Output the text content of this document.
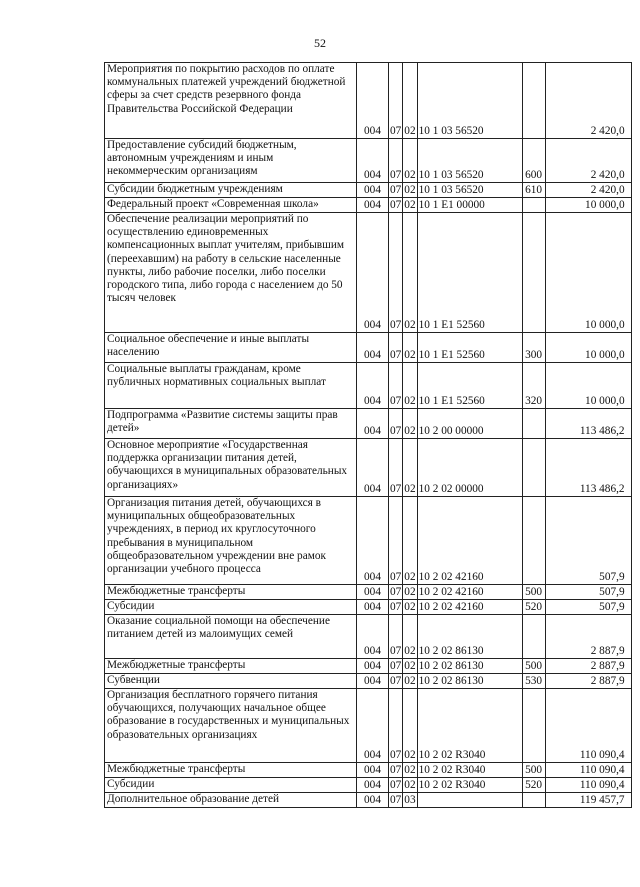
52
Мероприятия по покрытию расходов по оплате коммунальных платежей учреждений бюджетной сферы за счет средств резервного фонда Правительства Российской Федерации	004	07	02	10 1 03 56520		2 420,0
Предоставление субсидий бюджетным, автономным учреждениям и иным некоммерческим организациям	004	07	02	10 1 03 56520	600	2 420,0
Субсидии бюджетным учреждениям	004	07	02	10 1 03 56520	610	2 420,0
Федеральный проект «Современная школа»	004	07	02	10 1 E1 00000		10 000,0
Обеспечение реализации мероприятий по осуществлению единовременных компенсационных выплат учителям, прибывшим (переехавшим) на работу в сельские населенные пункты, либо рабочие поселки, либо поселки городского типа, либо города с населением до 50 тысяч человек	004	07	02	10 1 E1 52560		10 000,0
Социальное обеспечение и иные выплаты населению	004	07	02	10 1 E1 52560	300	10 000,0
Социальные выплаты гражданам, кроме публичных нормативных социальных выплат	004	07	02	10 1 E1 52560	320	10 000,0
Подпрограмма «Развитие системы защиты прав детей»	004	07	02	10 2 00 00000		113 486,2
Основное мероприятие «Государственная поддержка организации питания детей, обучающихся в муниципальных образовательных организациях»	004	07	02	10 2 02 00000		113 486,2
Организация питания детей, обучающихся в муниципальных общеобразовательных учреждениях, в период их круглосуточного пребывания в муниципальном общеобразовательном учреждении вне рамок организации учебного процесса	004	07	02	10 2 02 42160		507,9
Межбюджетные трансферты	004	07	02	10 2 02 42160	500	507,9
Субсидии	004	07	02	10 2 02 42160	520	507,9
Оказание социальной помощи на обеспечение питанием детей из малоимущих семей	004	07	02	10 2 02 86130		2 887,9
Межбюджетные трансферты	004	07	02	10 2 02 86130	500	2 887,9
Субвенции	004	07	02	10 2 02 86130	530	2 887,9
Организация бесплатного горячего питания обучающихся, получающих начальное общее образование в государственных и муниципальных образовательных организациях	004	07	02	10 2 02 R3040		110 090,4
Межбюджетные трансферты	004	07	02	10 2 02 R3040	500	110 090,4
Субсидии	004	07	02	10 2 02 R3040	520	110 090,4
Дополнительное образование детей	004	07	03			119 457,7
